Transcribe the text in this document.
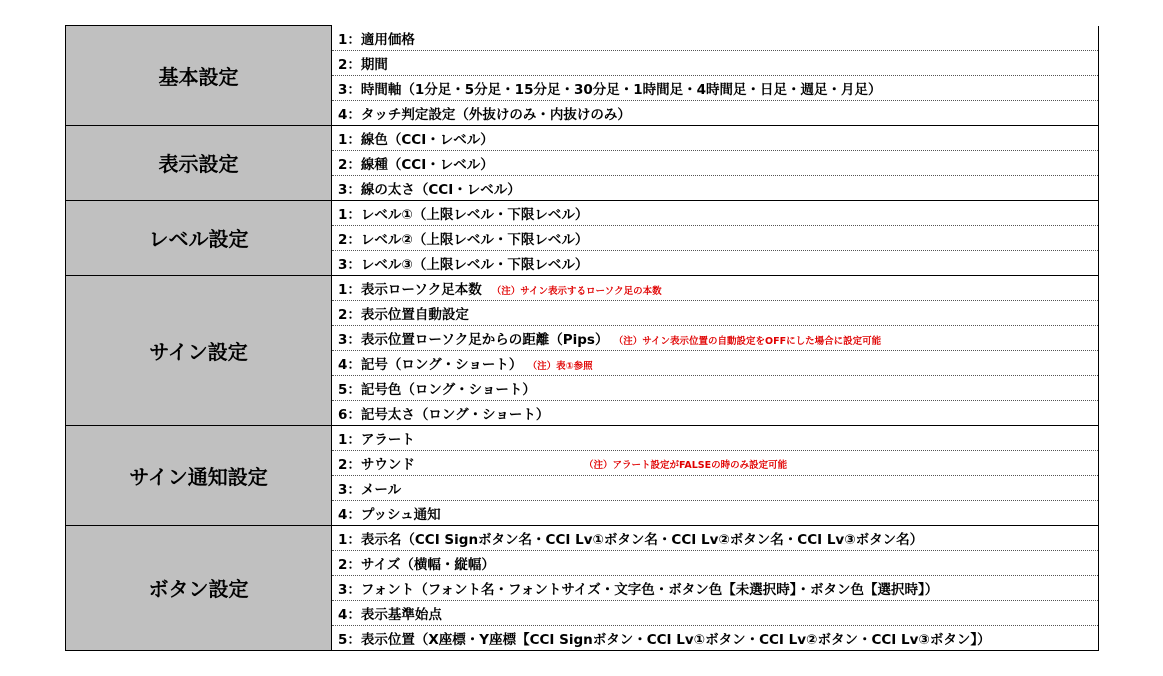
基本設定	1：適用価格
	2：期間
	3：時間軸（1分足・5分足・15分足・30分足・1時間足・4時間足・日足・週足・月足）
	4：タッチ判定設定（外抜けのみ・内抜けのみ）
表示設定	1：線色（CCI・レベル）
	2：線種（CCI・レベル）
	3：線の太さ（CCI・レベル）
レベル設定	1：レベル①（上限レベル・下限レベル）
	2：レベル②（上限レベル・下限レベル）
	3：レベル③（上限レベル・下限レベル）
サイン設定	1：表示ローソク足本数 （注）サイン表示するローソク足の本数
	2：表示位置自動設定
	3：表示位置ローソク足からの距離（Pips） （注）サイン表示位置の自動設定をOFFにした場合に設定可能
	4：記号（ロング・ショート） （注）表①参照
	5：記号色（ロング・ショート）
	6：記号太さ（ロング・ショート）
サイン通知設定	1：アラート
	2：サウンド （注）アラート設定がFALSEの時のみ設定可能

	3：メール
	4：プッシュ通知
ボタン設定	1：表示名（CCI Signボタン名・CCI Lv①ボタン名・CCI Lv②ボタン名・CCI Lv③ボタン名）
	2：サイズ（横幅・縦幅）
	3：フォント（フォント名・フォントサイズ・文字色・ボタン色【未選択時】・ボタン色【選択時】）
	4：表示基準始点
	5：表示位置（X座標・Y座標【CCI Signボタン・CCI Lv①ボタン・CCI Lv②ボタン・CCI Lv③ボタン】）
